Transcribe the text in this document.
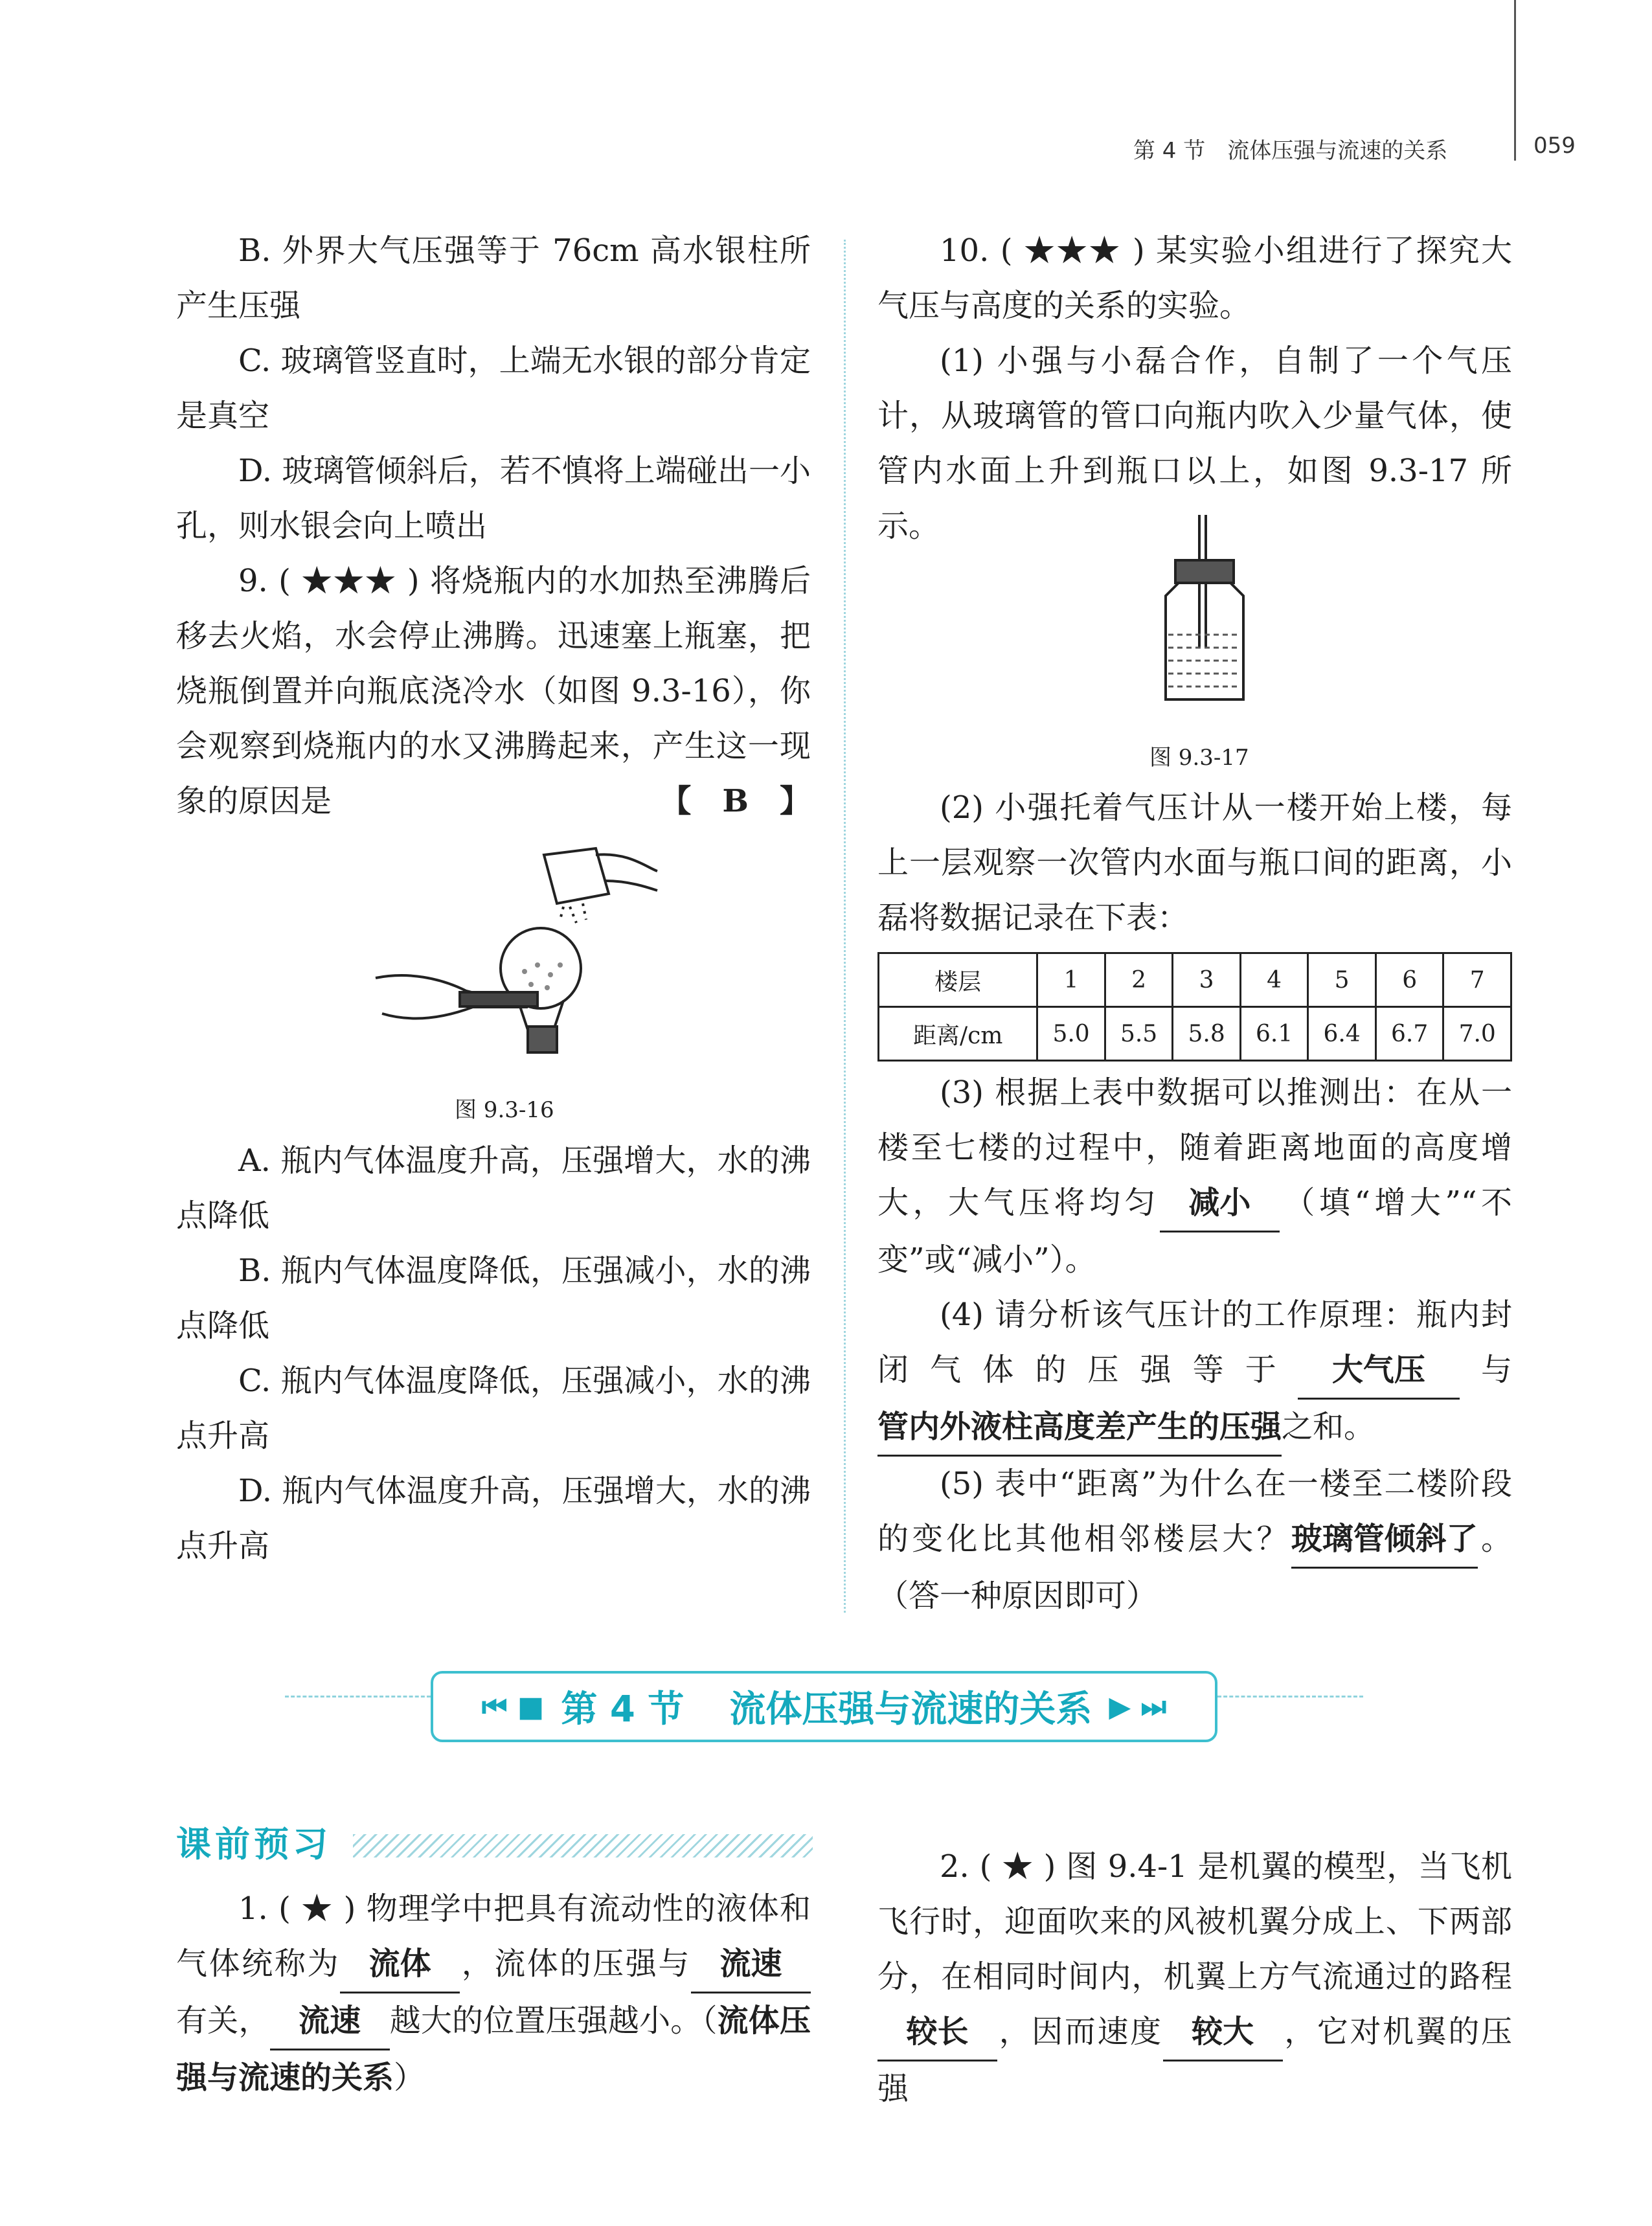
第 4 节　流体压强与流速的关系	059

B. 外界大气压强等于 76cm 高水银柱所产生压强

C. 玻璃管竖直时，上端无水银的部分肯定是真空

D. 玻璃管倾斜后，若不慎将上端碰出一小孔，则水银会向上喷出

9. ( ★★★ ) 将烧瓶内的水加热至沸腾后移去火焰，水会停止沸腾。迅速塞上瓶塞，把烧瓶倒置并向瓶底浇冷水（如图 9.3-16），你会观察到烧瓶内的水又沸腾起来，产生这一现象的原因是	【　B　】

图 9.3-16

A. 瓶内气体温度升高，压强增大，水的沸点降低

B. 瓶内气体温度降低，压强减小，水的沸点降低

C. 瓶内气体温度降低，压强减小，水的沸点升高

D. 瓶内气体温度升高，压强增大，水的沸点升高

10. ( ★★★ ) 某实验小组进行了探究大气压与高度的关系的实验。

(1) 小强与小磊合作，自制了一个气压计，从玻璃管的管口向瓶内吹入少量气体，使管内水面上升到瓶口以上，如图 9.3-17 所示。

图 9.3-17

(2) 小强托着气压计从一楼开始上楼，每上一层观察一次管内水面与瓶口间的距离，小磊将数据记录在下表：

楼层	1	2	3	4	5	6	7
距离/cm	5.0	5.5	5.8	6.1	6.4	6.7	7.0

(3) 根据上表中数据可以推测出：在从一楼至七楼的过程中，随着距离地面的高度增大，大气压将均匀 减小 （填“增大”“不变”或“减小”）。

(4) 请分析该气压计的工作原理：瓶内封闭气体的压强等于 大气压 与管内外液柱高度差产生的压强之和。

(5) 表中“距离”为什么在一楼至二楼阶段的变化比其他相邻楼层大？玻璃管倾斜了。（答一种原因即可）

⏮ ■ 第 4 节 流体压强与流速的关系 ▶ ⏭
课前预习

1. ( ★ ) 物理学中把具有流动性的液体和气体统称为 流体 ，流体的压强与 流速有关， 流速 越大的位置压强越小。（流体压强与流速的关系）

2. ( ★ ) 图 9.4-1 是机翼的模型，当飞机飞行时，迎面吹来的风被机翼分成上、下两部分，在相同时间内，机翼上方气流通过的路程较长 ，因而速度 较大 ，它对机翼的压强
